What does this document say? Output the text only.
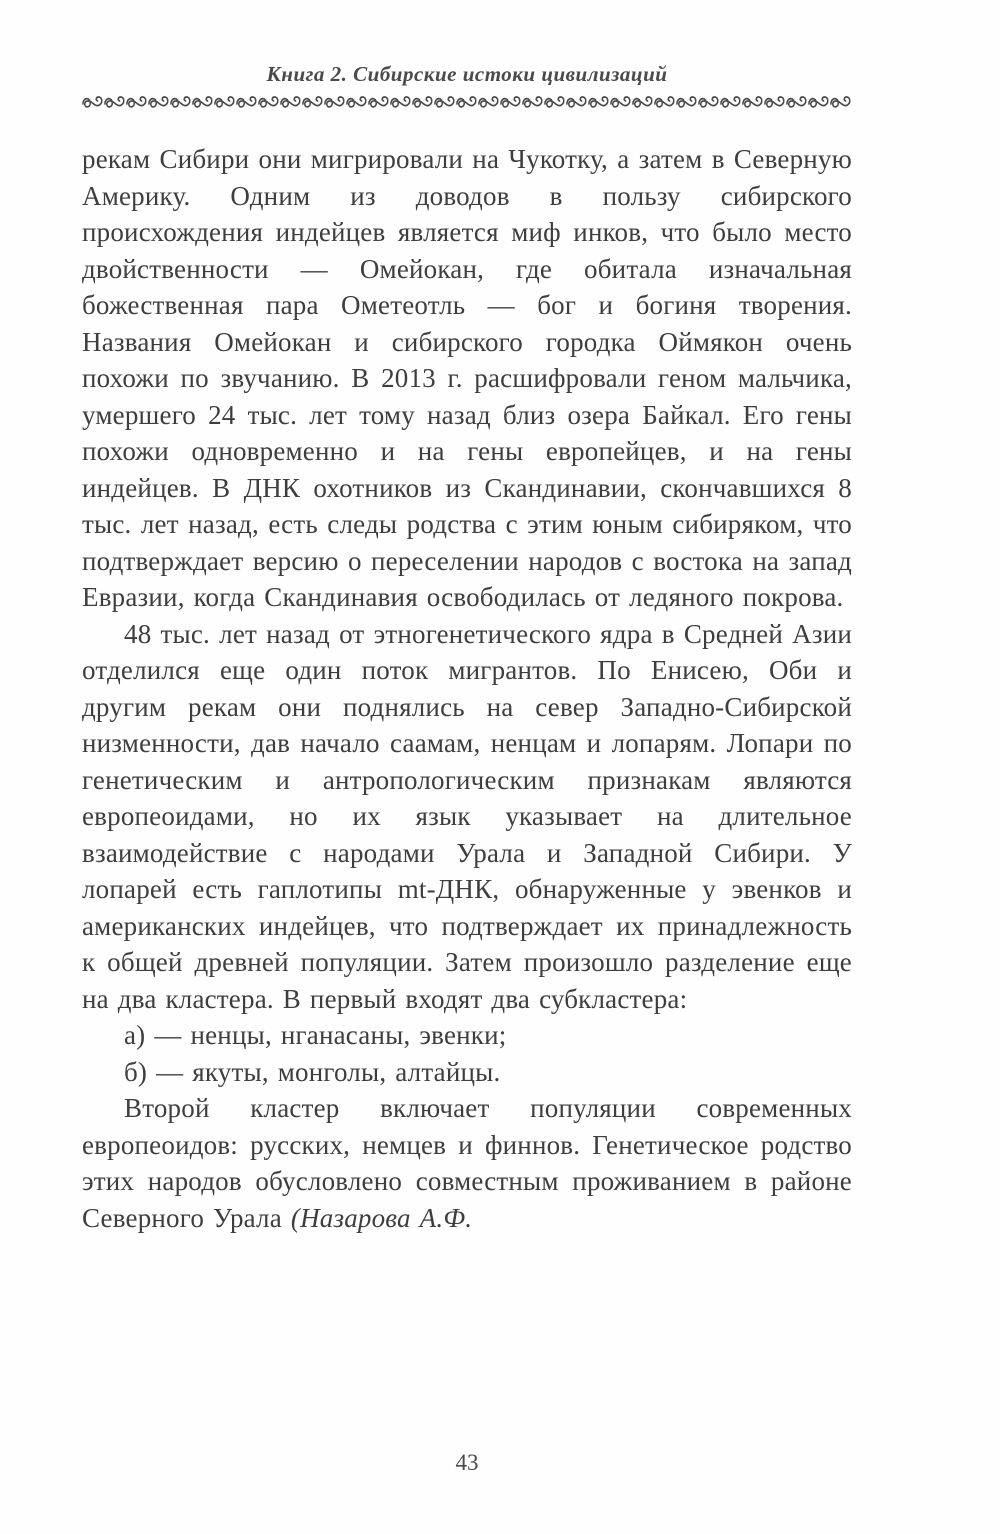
Книга 2. Сибирские истоки цивилизаций

рекам Сибири они мигрировали на Чукотку, а затем в Северную Америку. Одним из доводов в пользу сибирского происхождения индейцев является миф инков, что было место двойственности — Омейокан, где обитала изначальная божественная пара Ометеотль — бог и богиня творения. Названия Омейокан и сибирского городка Оймякон очень похожи по звучанию. В 2013 г. расшифровали геном мальчика, умершего 24 тыс. лет тому назад близ озера Байкал. Его гены похожи одновременно и на гены европейцев, и на гены индейцев. В ДНК охотников из Скандинавии, скончавшихся 8 тыс. лет назад, есть следы родства с этим юным сибиряком, что подтверждает версию о переселении народов с востока на запад Евразии, когда Скандинавия освободилась от ледяного покрова.

48 тыс. лет назад от этногенетического ядра в Средней Азии отделился еще один поток мигрантов. По Енисею, Оби и другим рекам они поднялись на север Западно-Сибирской низменности, дав начало саамам, ненцам и лопарям. Лопари по генетическим и антропологическим признакам являются европеоидами, но их язык указывает на длительное взаимодействие с народами Урала и Западной Сибири. У лопарей есть гаплотипы mt-ДНК, обнаруженные у эвенков и американских индейцев, что подтверждает их принадлежность к общей древней популяции. Затем произошло разделение еще на два кластера. В первый входят два субкластера:

а) — ненцы, нганасаны, эвенки;

б) — якуты, монголы, алтайцы.

Второй кластер включает популяции современных европеоидов: русских, немцев и финнов. Генетическое родство этих народов обусловлено совместным проживанием в районе Северного Урала (Назарова А.Ф.

43
